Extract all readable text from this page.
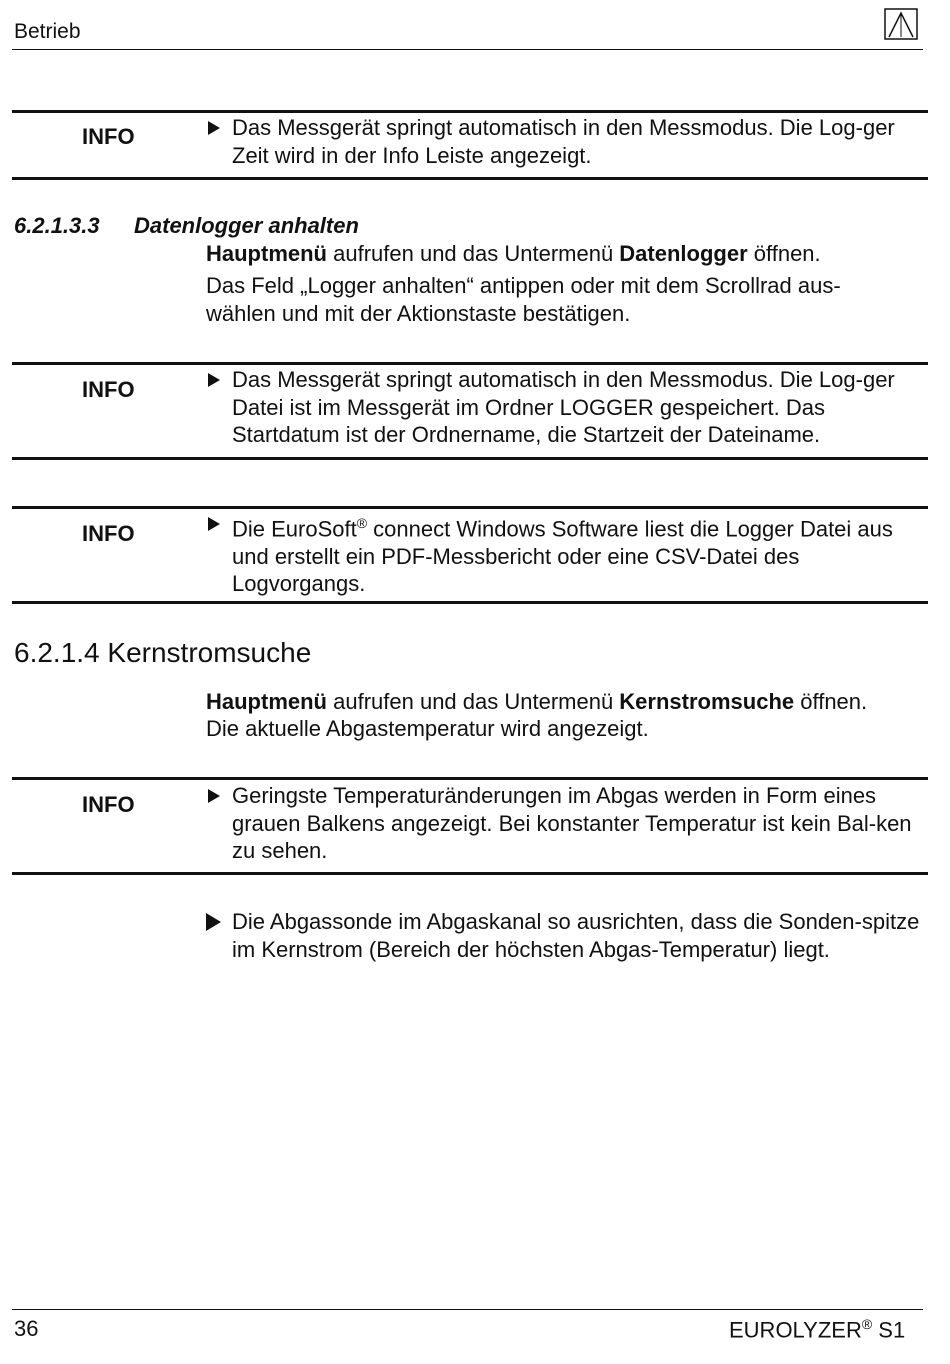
Betrieb
INFO	Das Messgerät springt automatisch in den Messmodus. Die Log-ger Zeit wird in der Info Leiste angezeigt.

6.2.1.3.3 Datenlogger anhalten

Hauptmenü aufrufen und das Untermenü Datenlogger öffnen.

Das Feld „Logger anhalten“ antippen oder mit dem Scrollrad aus-wählen und mit der Aktionstaste bestätigen.

INFO	Das Messgerät springt automatisch in den Messmodus. Die Log-ger Datei ist im Messgerät im Ordner LOGGER gespeichert. Das Startdatum ist der Ordnername, die Startzeit der Dateiname.

INFO	Die EuroSoft® connect Windows Software liest die Logger Datei aus und erstellt ein PDF-Messbericht oder eine CSV-Datei des Logvorgangs.

6.2.1.4 Kernstromsuche

Hauptmenü aufrufen und das Untermenü Kernstromsuche öffnen.

Die aktuelle Abgastemperatur wird angezeigt.

INFO	Geringste Temperaturänderungen im Abgas werden in Form eines grauen Balkens angezeigt. Bei konstanter Temperatur ist kein Bal-ken zu sehen.

Die Abgassonde im Abgaskanal so ausrichten, dass die Sonden-spitze im Kernstrom (Bereich der höchsten Abgas-Temperatur) liegt.

36	EUROLYZER® S1
